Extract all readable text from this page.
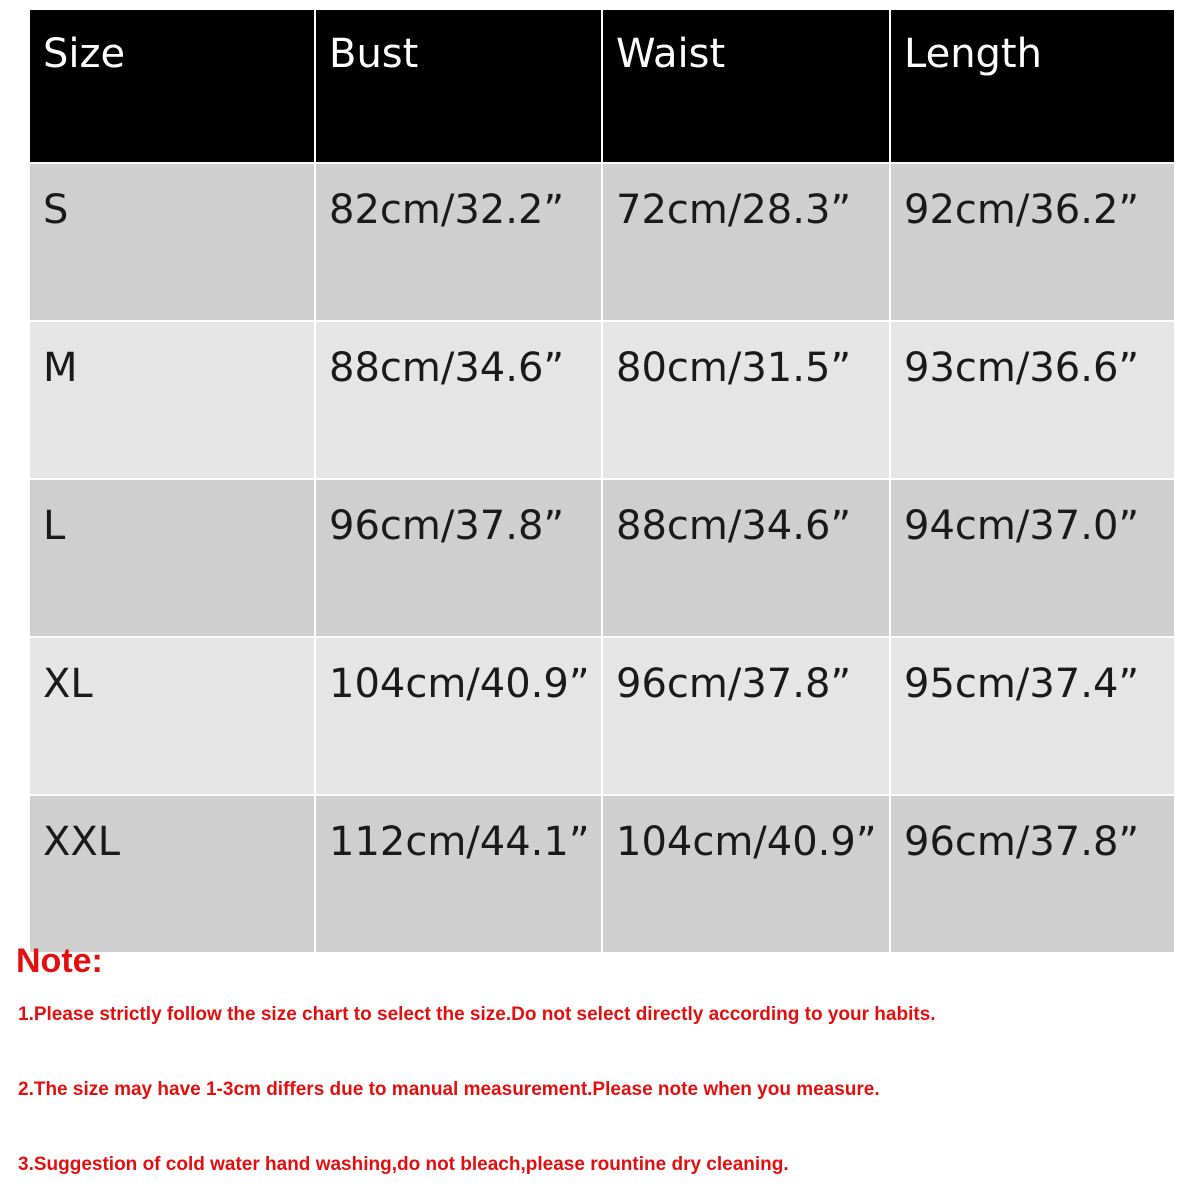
Size	Bust	Waist	Length
S	82cm/32.2”	72cm/28.3”	92cm/36.2”
M	88cm/34.6”	80cm/31.5”	93cm/36.6”
L	96cm/37.8”	88cm/34.6”	94cm/37.0”
XL	104cm/40.9”	96cm/37.8”	95cm/37.4”
XXL	112cm/44.1”	104cm/40.9”	96cm/37.8”

Note:

1.Please strictly follow the size chart to select the size.Do not select directly according to your habits.

2.The size may have 1-3cm differs due to manual measurement.Please note when you measure.

3.Suggestion of cold water hand washing,do not bleach,please rountine dry cleaning.
